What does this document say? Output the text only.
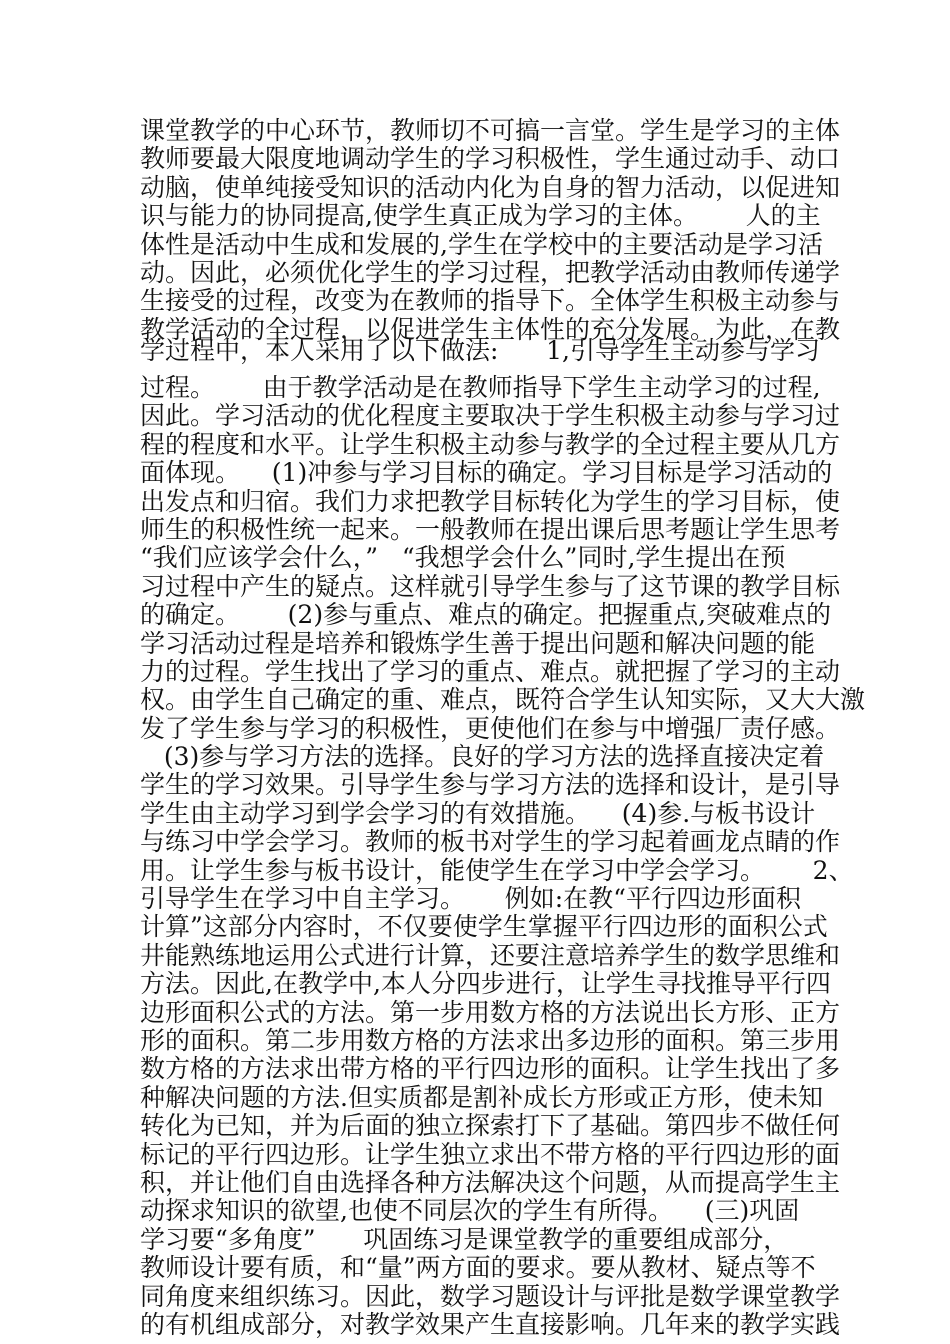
课堂教学的中心环节，教师切不可搞一言堂。学生是学习的主体
教师要最大限度地调动学生的学习积极性，学生通过动手、动口
动脑，使单纯接受知识的活动内化为自身的智力活动，以促进知
识与能力的协同提高,使学生真正成为学习的主体。      人的主
体性是活动中生成和发展的,学生在学校中的主要活动是学习活
动。因此，必须优化学生的学习过程，把教学活动由教师传递学
生接受的过程，改变为在教师的指导下。全体学生积极主动参与
教学活动的全过程，以促进学生主体性的充分发展。为此，在教
学过程中，本人采用了以下做法:      1,引导学生主动参与学习
过程。      由于教学活动是在教师指导下学生主动学习的过程,
因此。学习活动的优化程度主要取决于学生积极主动参与学习过
程的程度和水平。让学生积极主动参与教学的全过程主要从几方
面体现。    (1)冲参与学习目标的确定。学习目标是学习活动的
出发点和归宿。我们力求把教学目标转化为学生的学习目标，使
师生的积极性统一起来。一般教师在提出课后思考题让学生思考
“我们应该学会什么，”   “我想学会什么”同时,学生提出在预
习过程中产生的疑点。这样就引导学生参与了这节课的教学目标
的确定。      (2)参与重点、难点的确定。把握重点,突破难点的
学习活动过程是培养和锻炼学生善于提出问题和解决问题的能
力的过程。学生找出了学习的重点、难点。就把握了学习的主动
权。由学生自己确定的重、难点，既符合学生认知实际，又大大激
发了学生参与学习的积极性，更使他们在参与中增强厂责仔感。
(3)参与学习方法的选择。良好的学习方法的选择直接决定着
学生的学习效果。引导学生参与学习方法的选择和设计，是引导
学生由主动学习到学会学习的有效措施。    (4)参.与板书设计
与练习中学会学习。教师的板书对学生的学习起着画龙点睛的作
用。让学生参与板书设计，能使学生在学习中学会学习。      2、
引导学生在学习中自主学习。     例如:在教“平行四边形面积
计算”这部分内容时，不仅要使学生掌握平行四边形的面积公式
井能熟练地运用公式进行计算，还要注意培养学生的数学思维和
方法。因此,在教学中,本人分四步进行，让学生寻找推导平行四
边形面积公式的方法。第一步用数方格的方法说出长方形、正方
形的面积。第二步用数方格的方法求出多边形的面积。第三步用
数方格的方法求出带方格的平行四边形的面积。让学生找出了多
种解决问题的方法.但实质都是割补成长方形或正方形，使未知
转化为已知，并为后面的独立探索打下了基础。第四步不做任何
标记的平行四边形。让学生独立求出不带方格的平行四边形的面
积，并让他们自由选择各种方法解决这个问题，从而提高学生主
动探求知识的欲望,也使不同层次的学生有所得。    (三)巩固
学习要“多角度”      巩固练习是课堂教学的重要组成部分，
教师设计要有质，和“量”两方面的要求。要从教材、疑点等不
同角度来组织练习。因此，数学习题设计与评批是数学课堂教学
的有机组成部分，对教学效果产生直接影响。几年来的教学实践
